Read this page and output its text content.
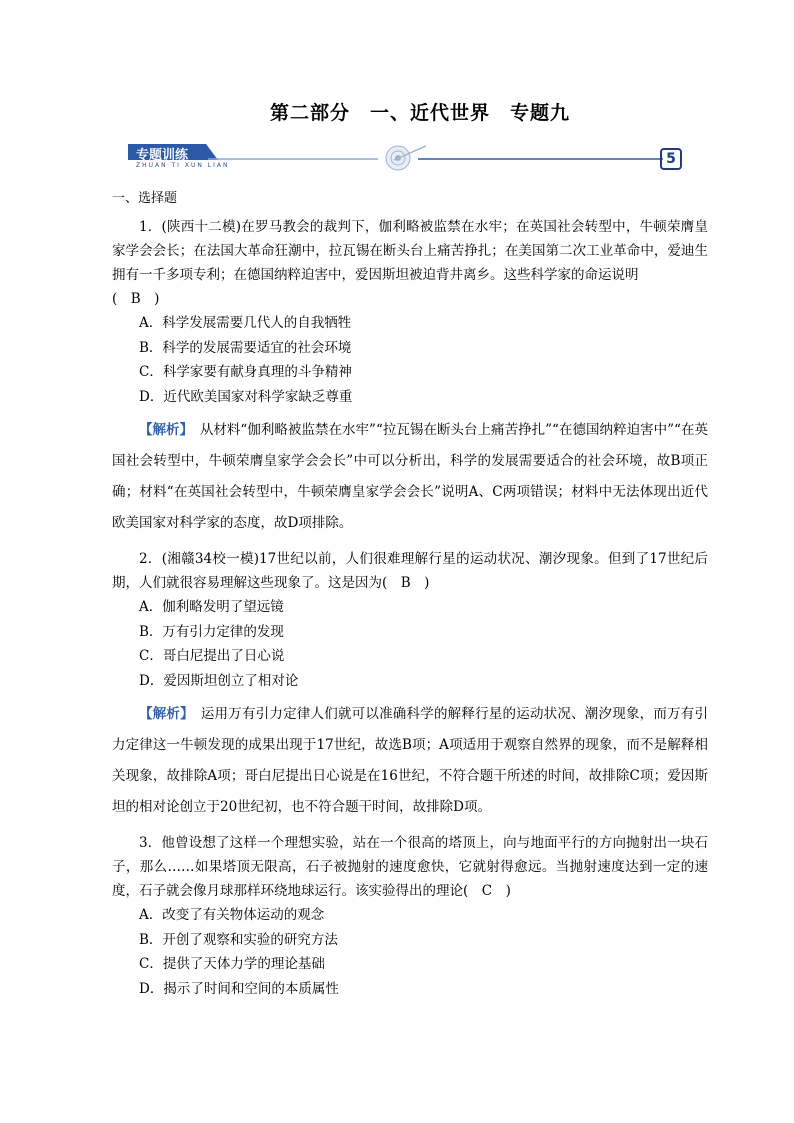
第二部分　一、近代世界　专题九
专题训练
ZHUAN TI XUN LIAN	5

一、选择题

1．(陕西十二模)在罗马教会的裁判下，伽利略被监禁在水牢；在英国社会转型中，牛顿荣膺皇家学会会长；在法国大革命狂潮中，拉瓦锡在断头台上痛苦挣扎；在美国第二次工业革命中，爱迪生拥有一千多项专利；在德国纳粹迫害中，爱因斯坦被迫背井离乡。这些科学家的命运说明

(　B　)

A．科学发展需要几代人的自我牺牲

B．科学的发展需要适宜的社会环境

C．科学家要有献身真理的斗争精神

D．近代欧美国家对科学家缺乏尊重

【解析】　从材料“伽利略被监禁在水牢”“拉瓦锡在断头台上痛苦挣扎”“在德国纳粹迫害中”“在英国社会转型中，牛顿荣膺皇家学会会长”中可以分析出，科学的发展需要适合的社会环境，故B项正确；材料“在英国社会转型中，牛顿荣膺皇家学会会长”说明A、C两项错误；材料中无法体现出近代欧美国家对科学家的态度，故D项排除。

2．(湘赣34校一模)17世纪以前，人们很难理解行星的运动状况、潮汐现象。但到了17世纪后期，人们就很容易理解这些现象了。这是因为(　B　)

A．伽利略发明了望远镜

B．万有引力定律的发现

C．哥白尼提出了日心说

D．爱因斯坦创立了相对论

【解析】　运用万有引力定律人们就可以准确科学的解释行星的运动状况、潮汐现象，而万有引力定律这一牛顿发现的成果出现于17世纪，故选B项；A项适用于观察自然界的现象，而不是解释相关现象，故排除A项；哥白尼提出日心说是在16世纪，不符合题干所述的时间，故排除C项；爱因斯坦的相对论创立于20世纪初，也不符合题干时间，故排除D项。

3．他曾设想了这样一个理想实验，站在一个很高的塔顶上，向与地面平行的方向抛射出一块石子，那么……如果塔顶无限高，石子被抛射的速度愈快，它就射得愈远。当抛射速度达到一定的速度，石子就会像月球那样环绕地球运行。该实验得出的理论(　C　)

A．改变了有关物体运动的观念

B．开创了观察和实验的研究方法

C．提供了天体力学的理论基础

D．揭示了时间和空间的本质属性
